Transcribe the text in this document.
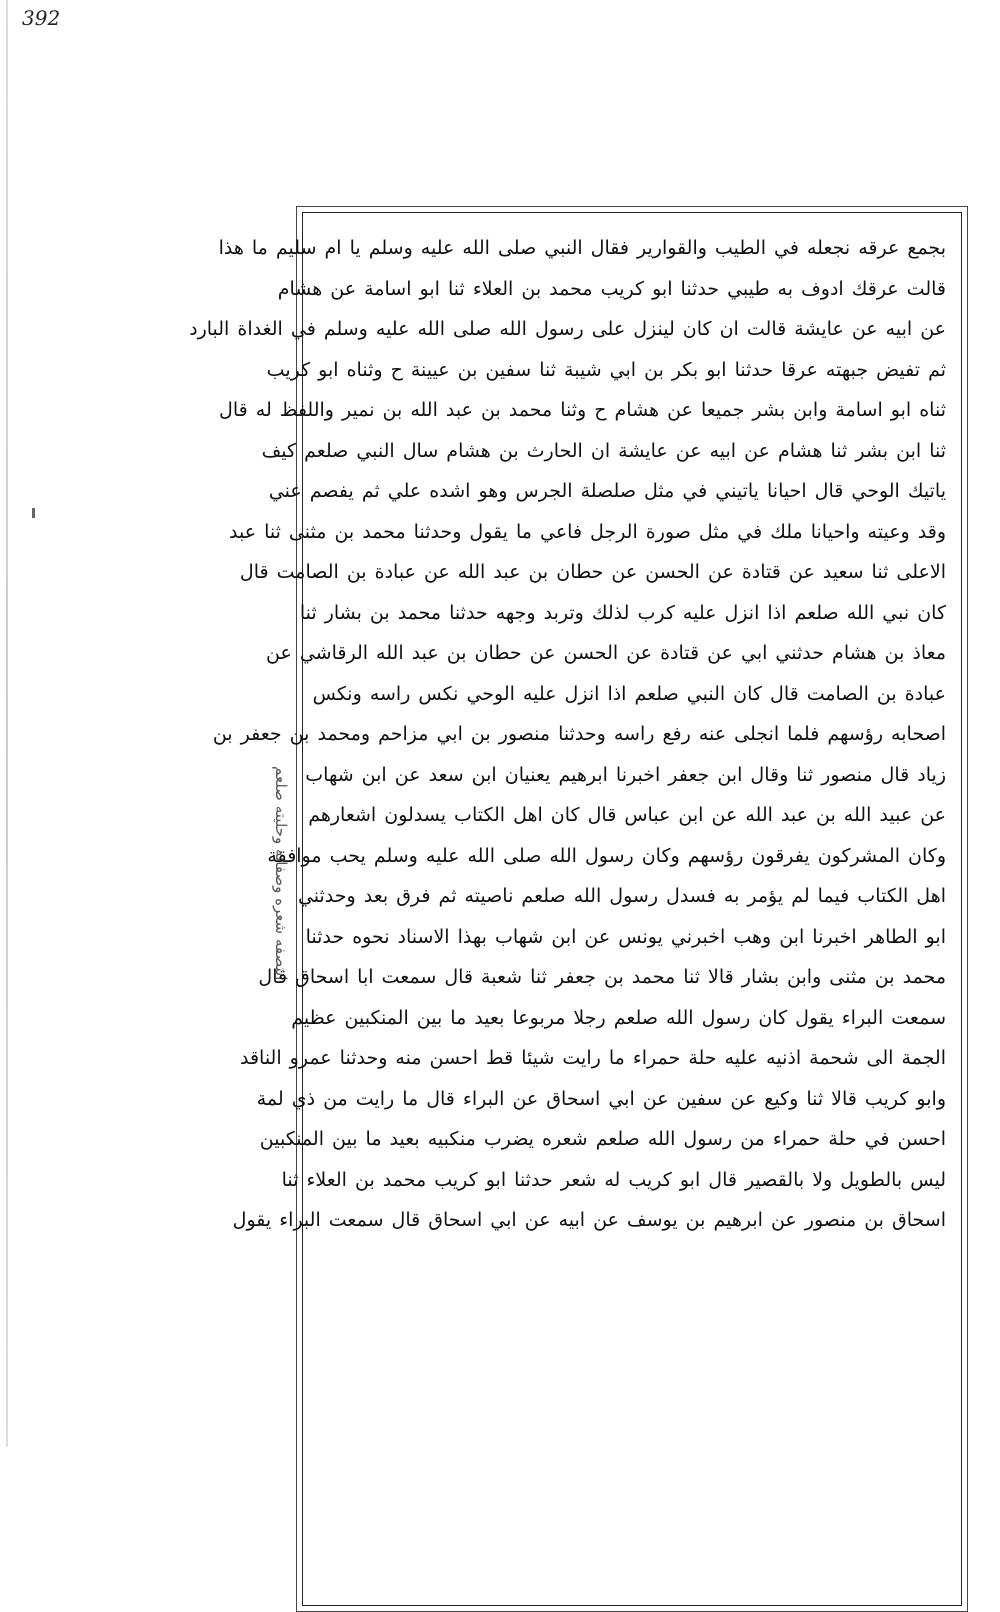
392
ابتصفه شعره وصفاته وحليته صلعم
بجمع عرقه نجعله في الطيب والقوارير فقال النبي صلى الله عليه وسلم يا ام سليم ما هذا
قالت عرقك ادوف به طيبي حدثنا ابو كريب محمد بن العلاء ثنا ابو اسامة عن هشام
عن ابيه عن عايشة قالت ان كان لينزل على رسول الله صلى الله عليه وسلم في الغداة البارد
ثم تفيض جبهته عرقا حدثنا ابو بكر بن ابي شيبة ثنا سفين بن عيينة ح وثناه ابو كريب
ثناه ابو اسامة وابن بشر جميعا عن هشام ح وثنا محمد بن عبد الله بن نمير واللفظ له قال
ثنا ابن بشر ثنا هشام عن ابيه عن عايشة ان الحارث بن هشام سال النبي صلعم كيف
ياتيك الوحي قال احيانا ياتيني في مثل صلصلة الجرس وهو اشده علي ثم يفصم عني
وقد وعيته واحيانا ملك في مثل صورة الرجل فاعي ما يقول وحدثنا محمد بن مثنى ثنا عبد
الاعلى ثنا سعيد عن قتادة عن الحسن عن حطان بن عبد الله عن عبادة بن الصامت قال
كان نبي الله صلعم اذا انزل عليه كرب لذلك وتربد وجهه حدثنا محمد بن بشار ثنا
معاذ بن هشام حدثني ابي عن قتادة عن الحسن عن حطان بن عبد الله الرقاشي عن
عبادة بن الصامت قال كان النبي صلعم اذا انزل عليه الوحي نكس راسه ونكس
اصحابه رؤسهم فلما انجلى عنه رفع راسه وحدثنا منصور بن ابي مزاحم ومحمد بن جعفر بن
زياد قال منصور ثنا وقال ابن جعفر اخبرنا ابرهيم يعنيان ابن سعد عن ابن شهاب
عن عبيد الله بن عبد الله عن ابن عباس قال كان اهل الكتاب يسدلون اشعارهم
وكان المشركون يفرقون رؤسهم وكان رسول الله صلى الله عليه وسلم يحب موافقة
اهل الكتاب فيما لم يؤمر به فسدل رسول الله صلعم ناصيته ثم فرق بعد وحدثني
ابو الطاهر اخبرنا ابن وهب اخبرني يونس عن ابن شهاب بهذا الاسناد نحوه حدثنا
محمد بن مثنى وابن بشار قالا ثنا محمد بن جعفر ثنا شعبة قال سمعت ابا اسحاق قال
سمعت البراء يقول كان رسول الله صلعم رجلا مربوعا بعيد ما بين المنكبين عظيم
الجمة الى شحمة اذنيه عليه حلة حمراء ما رايت شيئا قط احسن منه وحدثنا عمرو الناقد
وابو كريب قالا ثنا وكيع عن سفين عن ابي اسحاق عن البراء قال ما رايت من ذي لمة
احسن في حلة حمراء من رسول الله صلعم شعره يضرب منكبيه بعيد ما بين المنكبين
ليس بالطويل ولا بالقصير قال ابو كريب له شعر حدثنا ابو كريب محمد بن العلاء ثنا
اسحاق بن منصور عن ابرهيم بن يوسف عن ابيه عن ابي اسحاق قال سمعت البراء يقول
